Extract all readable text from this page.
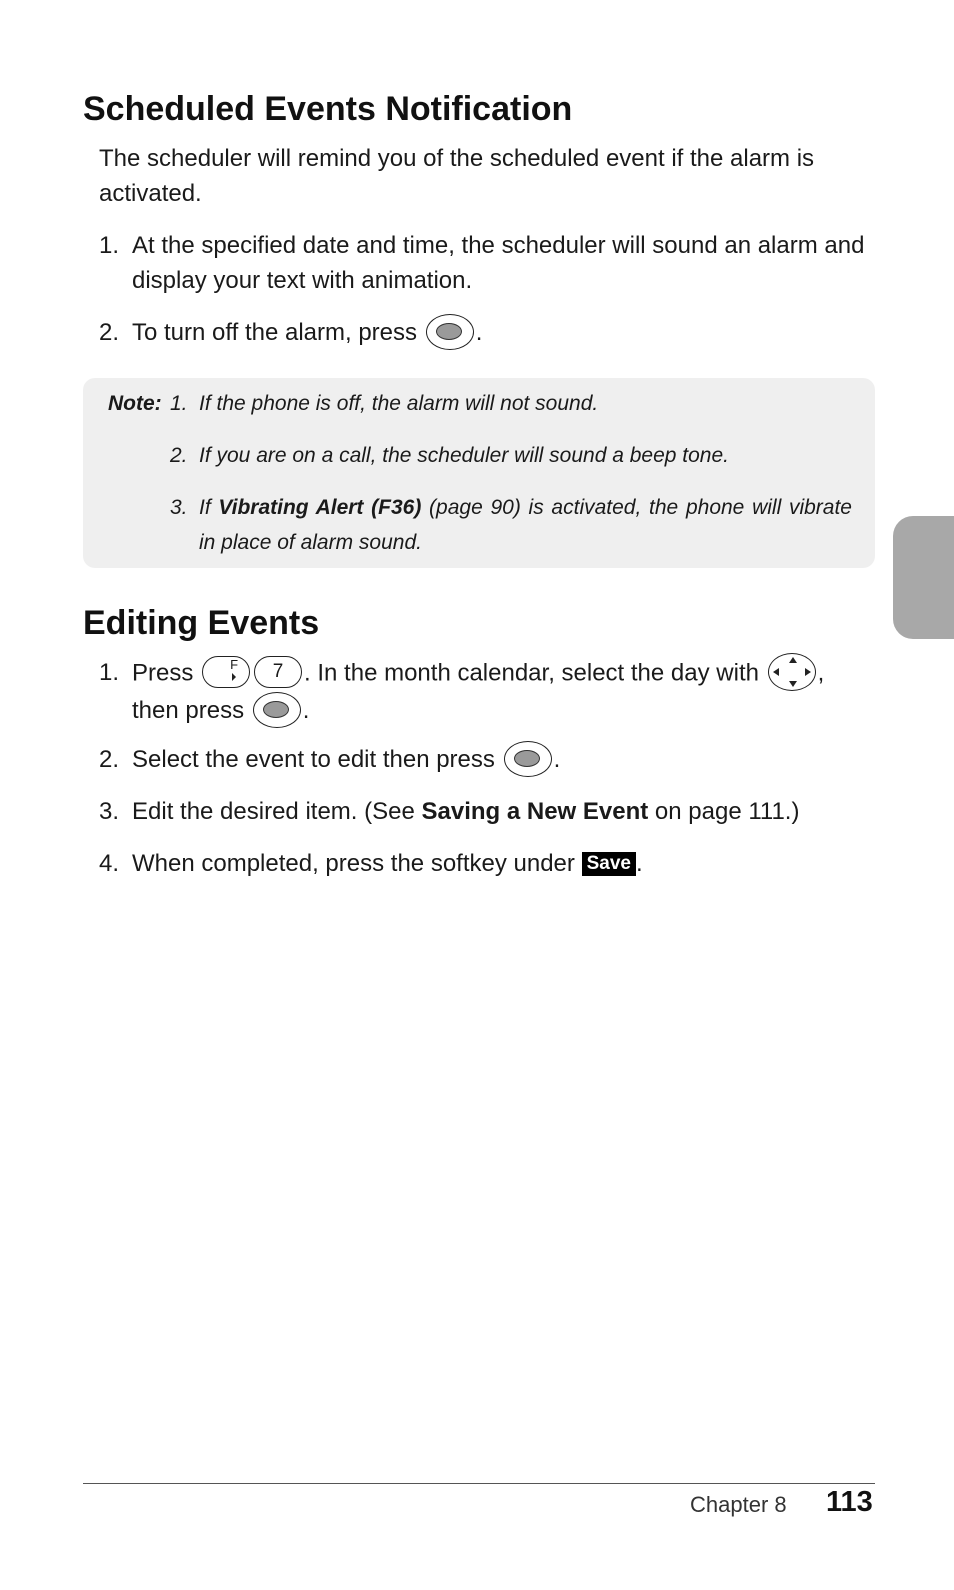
Scheduled Events Notification

The scheduler will remind you of the scheduled event if the alarm is activated.

1. At the specified date and time, the scheduler will sound an alarm and display your text with animation.
2. To turn off the alarm, press .
Note: 1. If the phone is off, the alarm will not sound.
2. If you are on a call, the scheduler will sound a beep tone.
3. If Vibrating Alert (F36) (page 90) is activated, the phone will vibrate in place of alarm sound.
Editing Events
1. Press	F 7 . In the month calendar, select the day with ,
then press .
2. Select the event to edit then press .
3. Edit the desired item. (See Saving a New Event on page 111.)
4. When completed, press the softkey under Save .
Chapter 8 113
